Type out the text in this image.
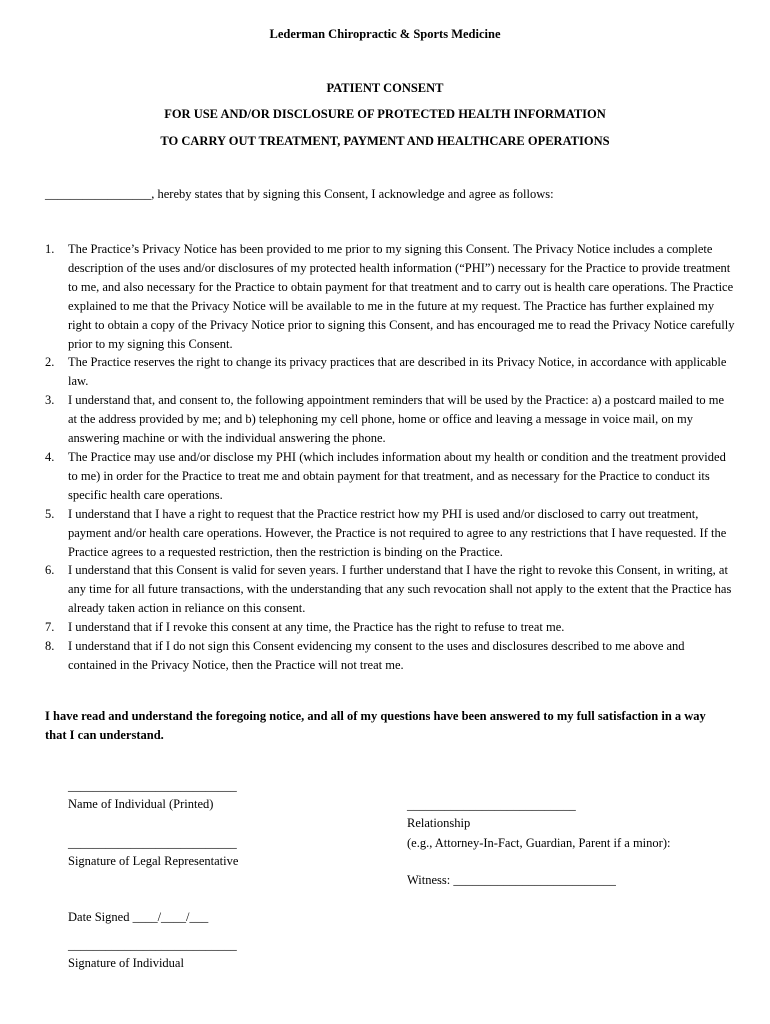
Lederman Chiropractic & Sports Medicine
PATIENT CONSENT
FOR USE AND/OR DISCLOSURE OF PROTECTED HEALTH INFORMATION
TO CARRY OUT TREATMENT, PAYMENT AND HEALTHCARE OPERATIONS
_________________, hereby states that by signing this Consent, I acknowledge and agree as follows:
1. The Practice’s Privacy Notice has been provided to me prior to my signing this Consent. The Privacy Notice includes a complete description of the uses and/or disclosures of my protected health information (“PHI”) necessary for the Practice to provide treatment to me, and also necessary for the Practice to obtain payment for that treatment and to carry out is health care operations. The Practice explained to me that the Privacy Notice will be available to me in the future at my request. The Practice has further explained my right to obtain a copy of the Privacy Notice prior to signing this Consent, and has encouraged me to read the Privacy Notice carefully prior to my signing this Consent.
2. The Practice reserves the right to change its privacy practices that are described in its Privacy Notice, in accordance with applicable law.
3. I understand that, and consent to, the following appointment reminders that will be used by the Practice: a) a postcard mailed to me at the address provided by me; and b) telephoning my cell phone, home or office and leaving a message in voice mail, on my answering machine or with the individual answering the phone.
4. The Practice may use and/or disclose my PHI (which includes information about my health or condition and the treatment provided to me) in order for the Practice to treat me and obtain payment for that treatment, and as necessary for the Practice to conduct its specific health care operations.
5. I understand that I have a right to request that the Practice restrict how my PHI is used and/or disclosed to carry out treatment, payment and/or health care operations. However, the Practice is not required to agree to any restrictions that I have requested. If the Practice agrees to a requested restriction, then the restriction is binding on the Practice.
6. I understand that this Consent is valid for seven years. I further understand that I have the right to revoke this Consent, in writing, at any time for all future transactions, with the understanding that any such revocation shall not apply to the extent that the Practice has already taken action in reliance on this consent.
7. I understand that if I revoke this consent at any time, the Practice has the right to refuse to treat me.
8. I understand that if I do not sign this Consent evidencing my consent to the uses and disclosures described to me above and contained in the Privacy Notice, then the Practice will not treat me.
I have read and understand the foregoing notice, and all of my questions have been answered to my full satisfaction in a way that I can understand.
___________________________
Name of Individual (Printed)
___________________________
Signature of Legal Representative
Date Signed ____/____/___
___________________________
Signature of Individual
___________________________
Relationship
(e.g., Attorney-In-Fact, Guardian, Parent if a minor):
Witness: __________________________
